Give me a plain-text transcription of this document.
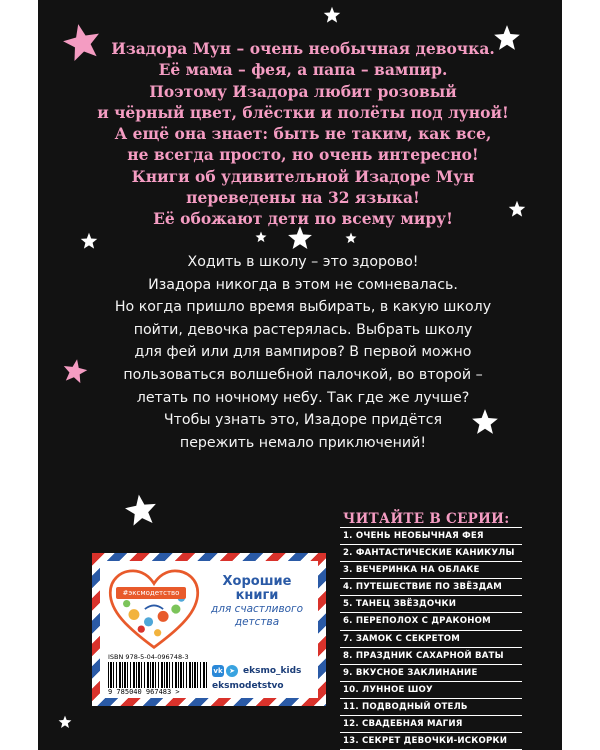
Изадора Мун – очень необычная девочка.
Её мама – фея, а папа – вампир.
Поэтому Изадора любит розовый
и чёрный цвет, блёстки и полёты под луной!
А ещё она знает: быть не таким, как все,
не всегда просто, но очень интересно!
Книги об удивительной Изадоре Мун
переведены на 32 языка!
Её обожают дети по всему миру!
Ходить в школу – это здорово!
Изадора никогда в этом не сомневалась.
Но когда пришло время выбирать, в какую школу
пойти, девочка растерялась. Выбрать школу
для фей или для вампиров? В первой можно
пользоваться волшебной палочкой, во второй –
летать по ночному небу. Так где же лучше?
Чтобы узнать это, Изадоре придётся
пережить немало приключений!
ЧИТАЙТЕ В СЕРИИ:
1. ОЧЕНЬ НЕОБЫЧНАЯ ФЕЯ
2. ФАНТАСТИЧЕСКИЕ КАНИКУЛЫ
3. ВЕЧЕРИНКА НА ОБЛАКЕ
4. ПУТЕШЕСТВИЕ ПО ЗВЁЗДАМ
5. ТАНЕЦ ЗВЁЗДОЧКИ
6. ПЕРЕПОЛОХ С ДРАКОНОМ
7. ЗАМОК С СЕКРЕТОМ
8. ПРАЗДНИК САХАРНОЙ ВАТЫ
9. ВКУСНОЕ ЗАКЛИНАНИЕ
10. ЛУННОЕ ШОУ
11. ПОДВОДНЫЙ ОТЕЛЬ
12. СВАДЕБНАЯ МАГИЯ
13. СЕКРЕТ ДЕВОЧКИ-ИСКОРКИ
#эксмодетство
Хорошие
книги
для счастливого
детства
ISBN 978-5-04-096748-3
9 785040 967483 >
vk ➤ eksmo_kids
eksmodetstvo
